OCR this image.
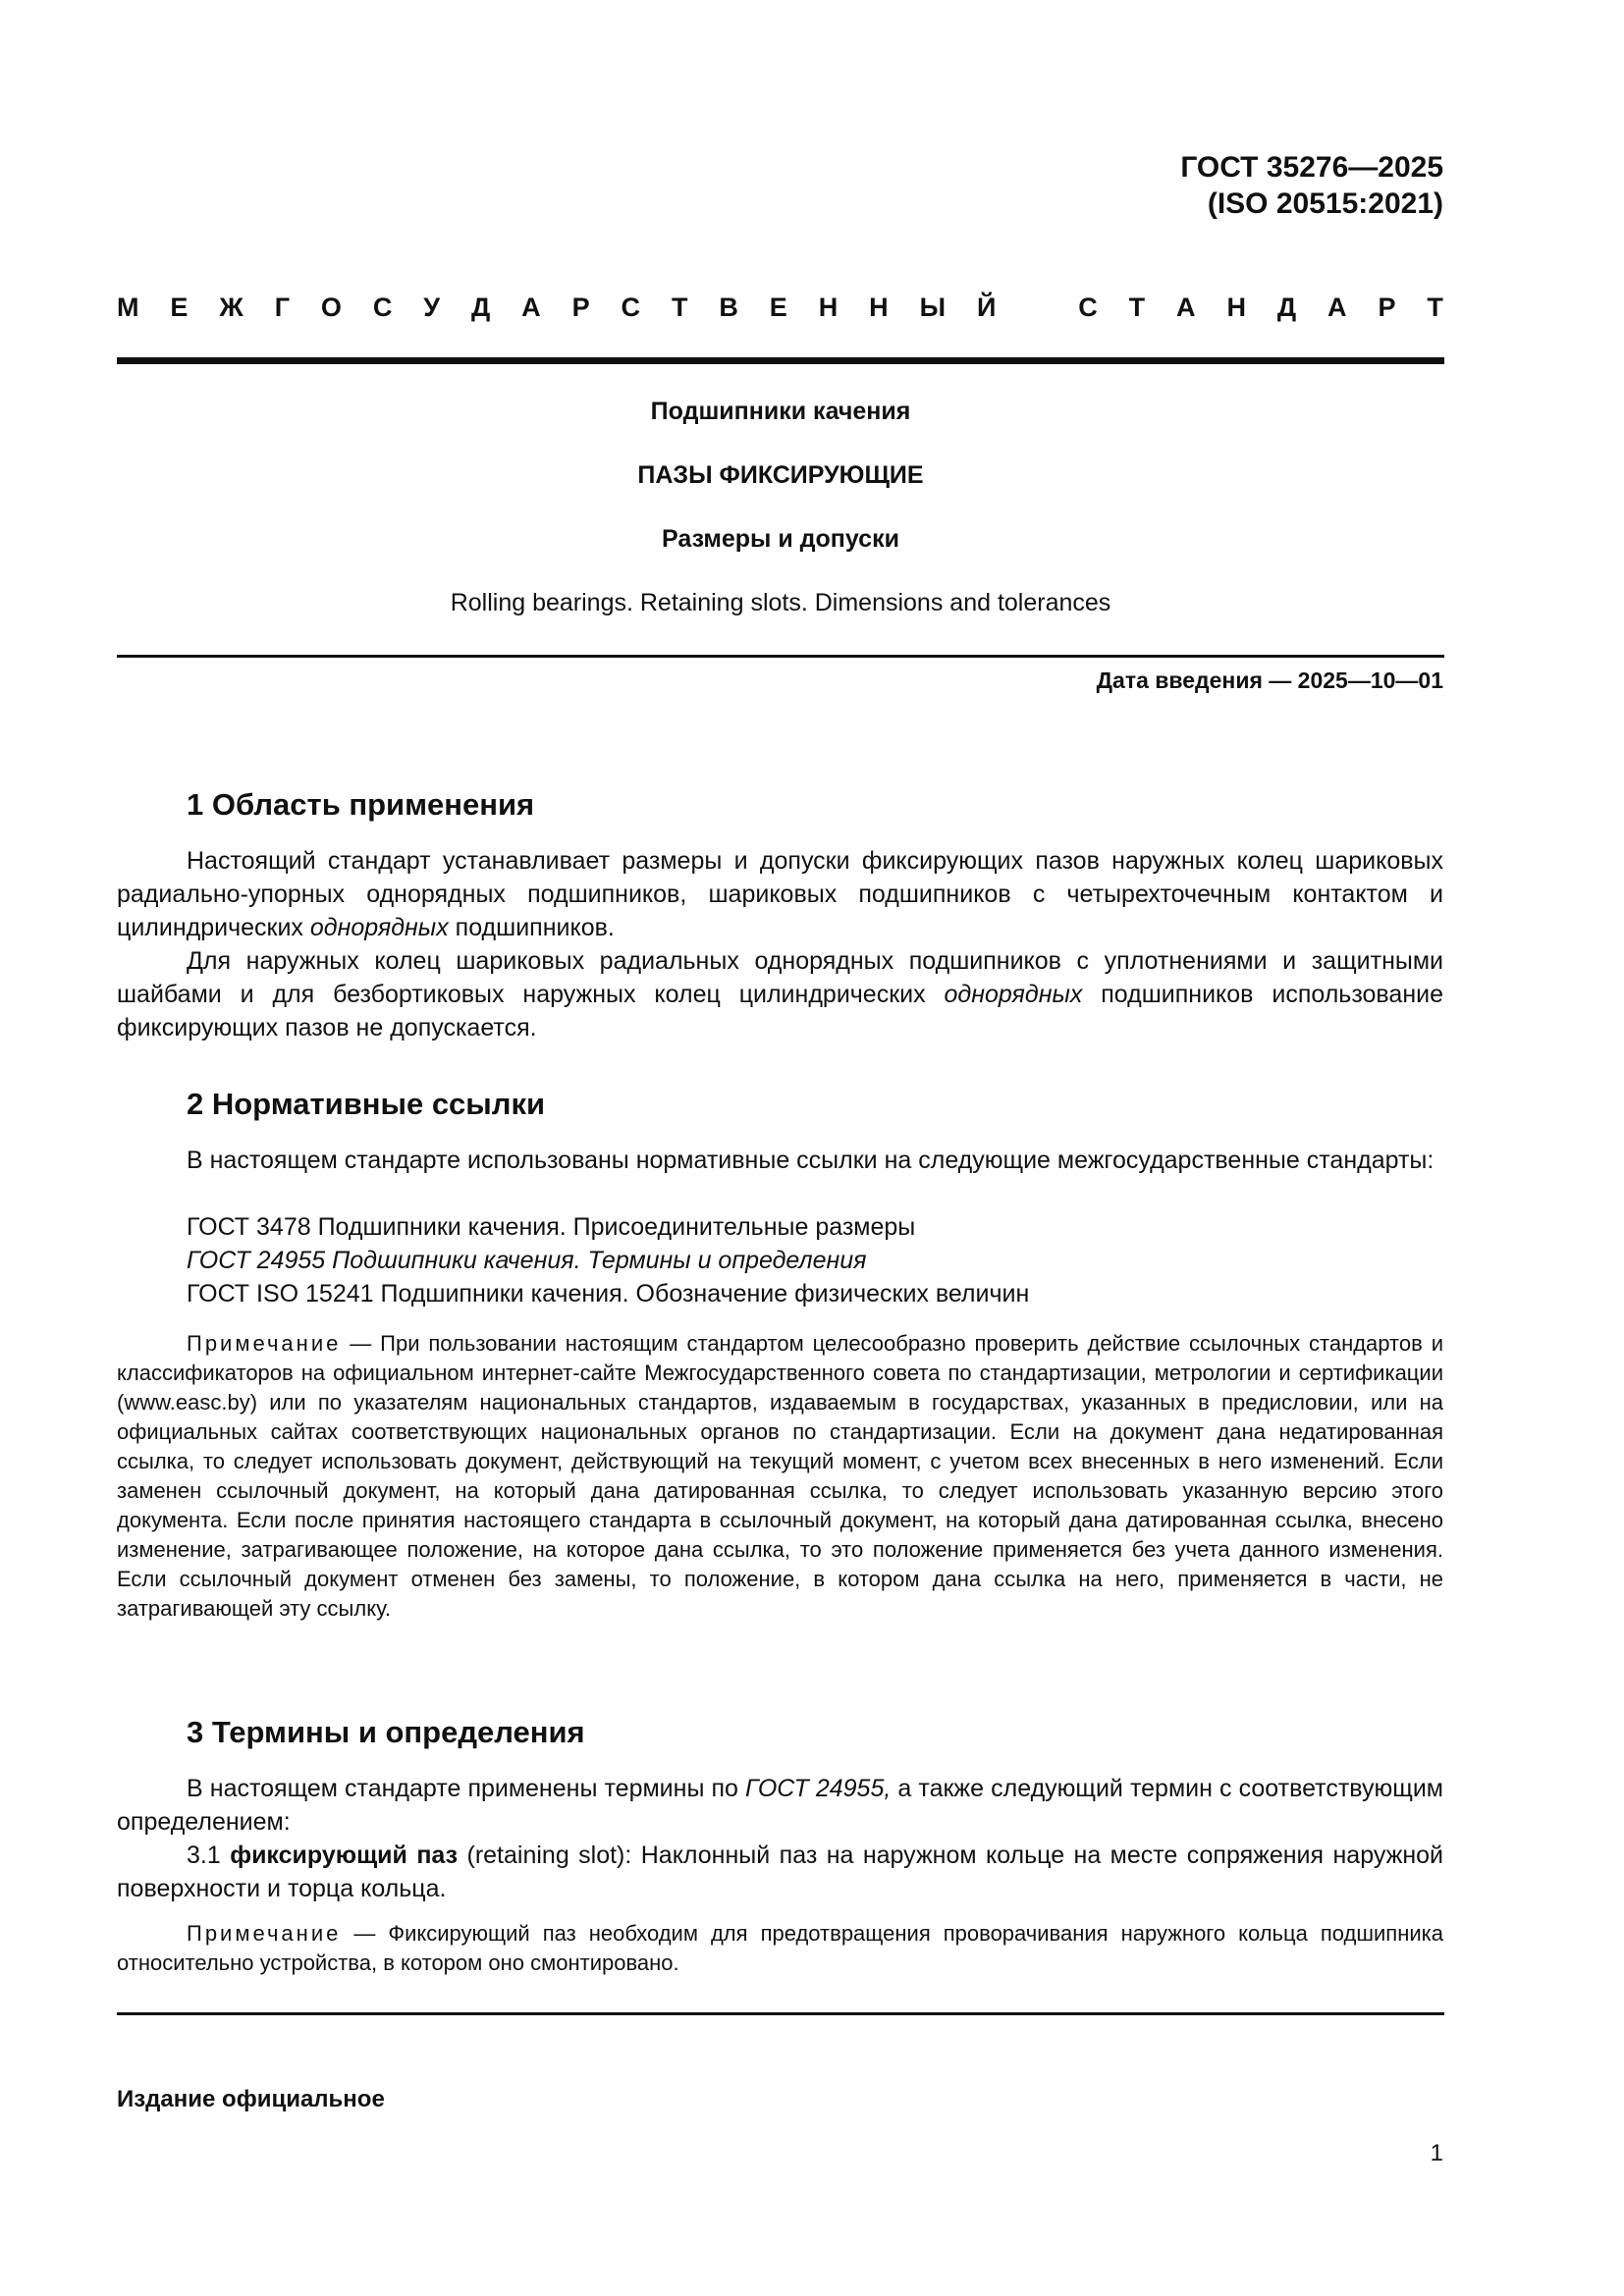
ГОСТ 35276—2025
(ISO 20515:2021)
М Е Ж Г О С У Д А Р С Т В Е Н Н Ы Й	С Т А Н Д А Р Т
Подшипники качения
ПАЗЫ ФИКСИРУЮЩИЕ
Размеры и допуски
Rolling bearings. Retaining slots. Dimensions and tolerances
Дата введения — 2025—10—01
1 Область применения
Настоящий стандарт устанавливает размеры и допуски фиксирующих пазов наружных колец шариковых радиально-упорных однорядных подшипников, шариковых подшипников с четырехточечным контактом и цилиндрических однорядных подшипников.
Для наружных колец шариковых радиальных однорядных подшипников с уплотнениями и защитными шайбами и для безбортиковых наружных колец цилиндрических однорядных подшипников использование фиксирующих пазов не допускается.
2 Нормативные ссылки
В настоящем стандарте использованы нормативные ссылки на следующие межгосударственные стандарты:
ГОСТ 3478 Подшипники качения. Присоединительные размеры
ГОСТ 24955 Подшипники качения. Термины и определения
ГОСТ ISO 15241 Подшипники качения. Обозначение физических величин
Примечание — При пользовании настоящим стандартом целесообразно проверить действие ссылочных стандартов и классификаторов на официальном интернет-сайте Межгосударственного совета по стандартизации, метрологии и сертификации (www.easc.by) или по указателям национальных стандартов, издаваемым в государствах, указанных в предисловии, или на официальных сайтах соответствующих национальных органов по стандартизации. Если на документ дана недатированная ссылка, то следует использовать документ, действующий на текущий момент, с учетом всех внесенных в него изменений. Если заменен ссылочный документ, на который дана датированная ссылка, то следует использовать указанную версию этого документа. Если после принятия настоящего стандарта в ссылочный документ, на который дана датированная ссылка, внесено изменение, затрагивающее положение, на которое дана ссылка, то это положение применяется без учета данного изменения. Если ссылочный документ отменен без замены, то положение, в котором дана ссылка на него, применяется в части, не затрагивающей эту ссылку.
3 Термины и определения
В настоящем стандарте применены термины по ГОСТ 24955, а также следующий термин с соответствующим определением:
3.1 фиксирующий паз (retaining slot): Наклонный паз на наружном кольце на месте сопряжения наружной поверхности и торца кольца.
Примечание — Фиксирующий паз необходим для предотвращения проворачивания наружного кольца подшипника относительно устройства, в котором оно смонтировано.
Издание официальное
1
